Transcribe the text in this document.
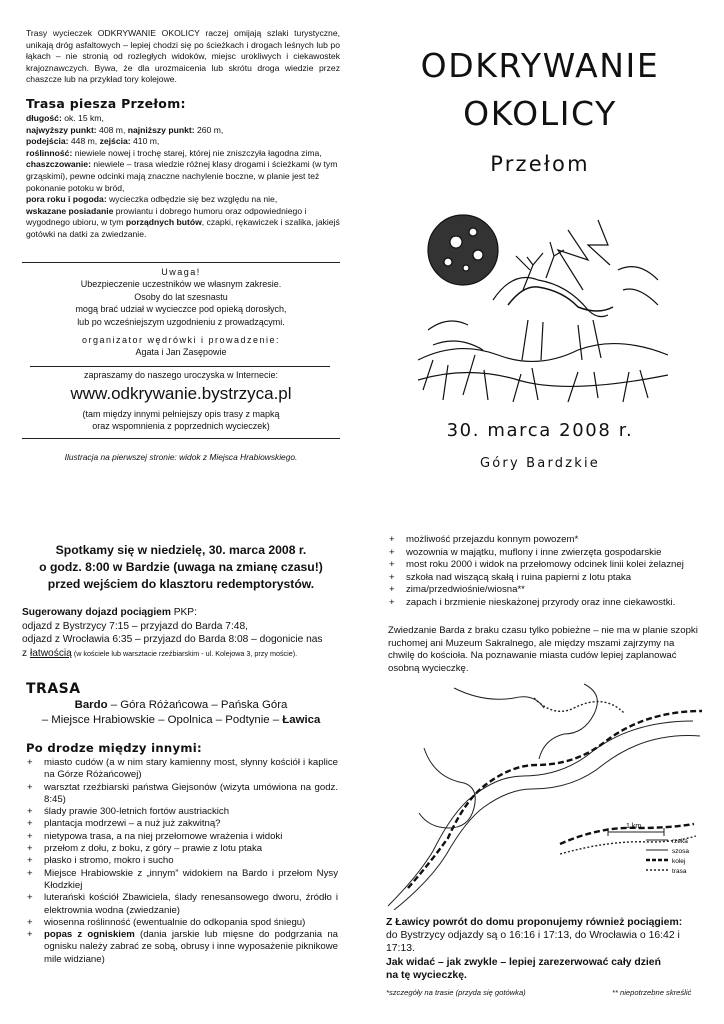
Trasy wycieczek ODKRYWANIE OKOLICY raczej omijają szlaki turystyczne, unikają dróg asfaltowych – lepiej chodzi się po ścieżkach i drogach leśnych lub po łąkach – nie stronią od rozległych widoków, miejsc urokliwych i ciekawostek krajoznawczych. Bywa, że dla urozmaicenia lub skrótu droga wiedzie przez chaszcze lub na przykład tory kolejowe.
Trasa piesza Przełom:
długość: ok. 15 km,
najwyższy punkt: 408 m, najniższy punkt: 260 m,
podejścia: 448 m, zejścia: 410 m,
roślinność: niewiele nowej i trochę starej, której nie zniszczyła łagodna zima,
chaszczowanie: niewiele – trasa wiedzie różnej klasy drogami i ścieżkami (w tym grząskimi), pewne odcinki mają znaczne nachylenie boczne, w planie jest też pokonanie potoku w bród,
pora roku i pogoda: wycieczka odbędzie się bez względu na nie,
wskazane posiadanie prowiantu i dobrego humoru oraz odpowiedniego i wygodnego ubioru, w tym porządnych butów, czapki, rękawiczek i szalika, jakiejś gotówki na datki za zwiedzanie.
Uwaga!
Ubezpieczenie uczestników we własnym zakresie.
Osoby do lat szesnastu
mogą brać udział w wycieczce pod opieką dorosłych,
lub po wcześniejszym uzgodnieniu z prowadzącymi.
organizator wędrówki i prowadzenie:
Agata i Jan Zasępowie
zapraszamy do naszego uroczyska w Internecie:
www.odkrywanie.bystrzyca.pl
(tam między innymi pełniejszy opis trasy z mapką
oraz wspomnienia z poprzednich wycieczek)
Ilustracja na pierwszej stronie: widok z Miejsca Hrabiowskiego.
ODKRYWANIE
OKOLICY
Przełom
30. marca 2008 r.
Góry Bardzkie
Spotkamy się w niedzielę, 30. marca 2008 r.
o godz. 8:00 w Bardzie (uwaga na zmianę czasu!)
przed wejściem do klasztoru redemptorystów.
Sugerowany dojazd pociągiem PKP:
odjazd z Bystrzycy 7:15 – przyjazd do Barda 7:48,
odjazd z Wrocławia 6:35 – przyjazd do Barda 8:08 – dogonicie nas
z łatwością (w kościele lub warsztacie rzeźbiarskim - ul. Kolejowa 3, przy moście).
TRASA
Bardo – Góra Różańcowa – Pańska Góra
– Miejsce Hrabiowskie – Opolnica – Podtynie – Ławica
Po drodze między innymi:
+ miasto cudów (a w nim stary kamienny most, słynny kościół i kaplice na Górze Różańcowej)
+ warsztat rzeźbiarski państwa Giejsonów (wizyta umówiona na godz. 8:45)
+ ślady prawie 300-letnich fortów austriackich
+ plantacja modrzewi – a nuż już zakwitną?
+ nietypowa trasa, a na niej przełomowe wrażenia i widoki
+ przełom z dołu, z boku, z góry – prawie z lotu ptaka
+ płasko i stromo, mokro i sucho
+ Miejsce Hrabiowskie z „innym” widokiem na Bardo i przełom Nysy Kłodzkiej
+ luterański kościół Zbawiciela, ślady renesansowego dworu, źródło i elektrownia wodna (zwiedzanie)
+ wiosenna roślinność (ewentualnie do odkopania spod śniegu)
+ popas z ogniskiem (dania jarskie lub mięsne do podgrzania na ognisku należy zabrać ze sobą, obrusy i inne wyposażenie piknikowe mile widziane)
+ możliwość przejazdu konnym powozem*
+ wozownia w majątku, muflony i inne zwierzęta gospodarskie
+ most roku 2000 i widok na przełomowy odcinek linii kolei żelaznej
+ szkoła nad wiszącą skałą i ruina papierni z lotu ptaka
+ zima/przedwiośnie/wiosna**
+ zapach i brzmienie nieskażonej przyrody oraz inne ciekawostki.
Zwiedzanie Barda z braku czasu tylko pobieżne – nie ma w planie szopki ruchomej ani Muzeum Sakralnego, ale między mszami zajrzymy na chwilę do kościoła. Na poznawanie miasta cudów lepiej zaplanować osobną wycieczkę.
1 km
rzeka
szosa
kolej
trasa
Z Ławicy powrót do domu proponujemy również pociągiem:
do Bystrzycy odjazdy są o 16:16 i 17:13, do Wrocławia o 16:42 i 17:13.
Jak widać – jak zwykle – lepiej zarezerwować cały dzień
na tę wycieczkę.
*szczegóły na trasie (przyda się gotówka)	** niepotrzebne skreślić
